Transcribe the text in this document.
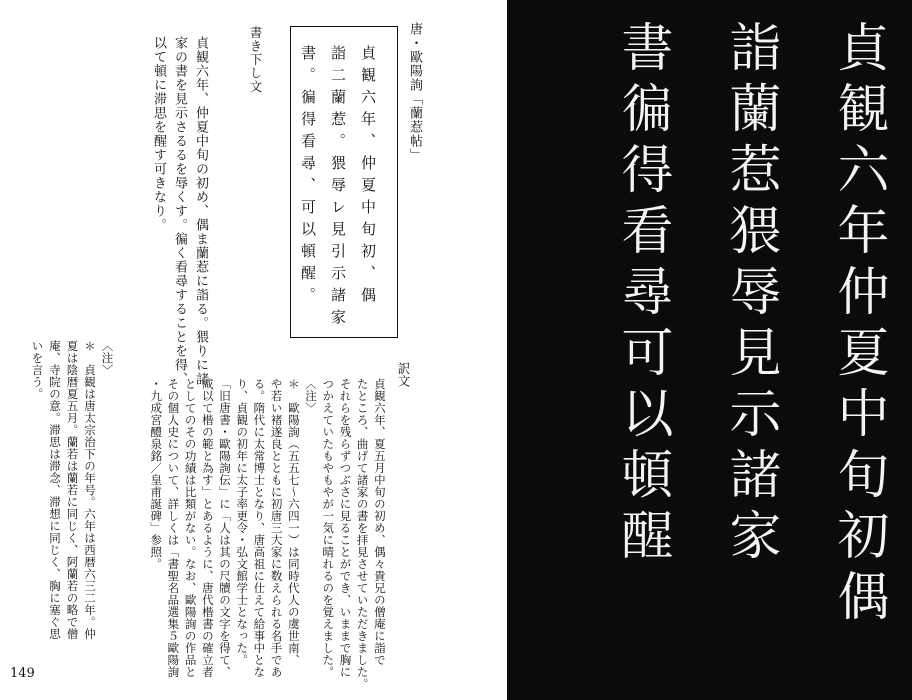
唐・歐陽詢「蘭惹帖」
貞観六年、仲夏中旬初、偶
詣二蘭惹。猥辱レ見引示諸家
書。徧得看尋、可以頓醒。
書き下し文
貞観六年、仲夏中旬の初め、偶ま蘭惹に詣る。猥りに諸
家の書を見示さるるを辱くす。徧く看尋することを得、
以て頓に滞思を醒す可きなり。
訳文
貞観六年、夏五月中旬の初め、偶々貴兄の僧庵に詣で
たところ、曲げて諸家の書を拝見させていただきました。
それらを残らずつぶさに見ることができ、いままで胸に
つかえていたもやもやが一気に晴れるのを覚えました。
〈注〉
＊　歐陽詢（五五七～六四一）は同時代人の虞世南、
や若い褚遂良とともに初唐三大家に数えられる名手であ
る。隋代に太常博士となり、唐高祖に仕えて給事中とな
り、貞観の初年に太子率更令・弘文館学士となった。
「旧唐書・歐陽詢伝」に「人は其の尺牘の文字を得て、
咸以て楷の範と為す」とあるように、唐代楷書の確立者
としてのその功績は比類がない。なお、歐陽詢の作品と
その個人史について、詳しくは「書聖名品選集５歐陽詢
・九成宮醴泉銘／皇甫誕碑」参照。
〈注〉
＊　貞観は唐太宗治下の年号。六年は西暦六三二年。仲
夏は陰暦夏五月。蘭若は蘭若に同じく、阿蘭若の略で僧
庵、寺院の意。滞思は滞念、滞想に同じく、胸に塞ぐ思
いを言う。
149
貞観六年仲夏中旬初偶
詣蘭惹猥辱見示諸家
書徧得看尋可以頓醒
